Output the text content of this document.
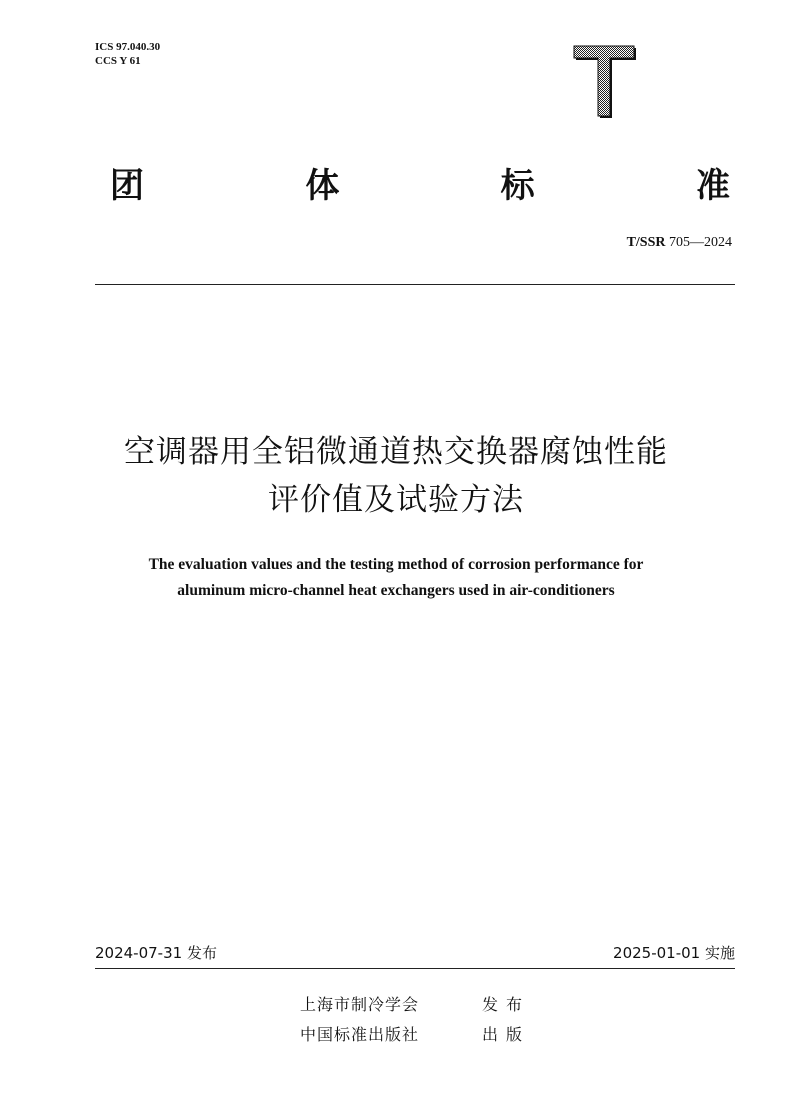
ICS 97.040.30
CCS Y 61
团	体	标	准
T/SSR 705—2024
空调器用全铝微通道热交换器腐蚀性能
评价值及试验方法
The evaluation values and the testing method of corrosion performance for
aluminum micro-channel heat exchangers used in air-conditioners
2024-07-31 发布	2025-01-01 实施
上海市制冷学会	发布
中国标准出版社	出版
